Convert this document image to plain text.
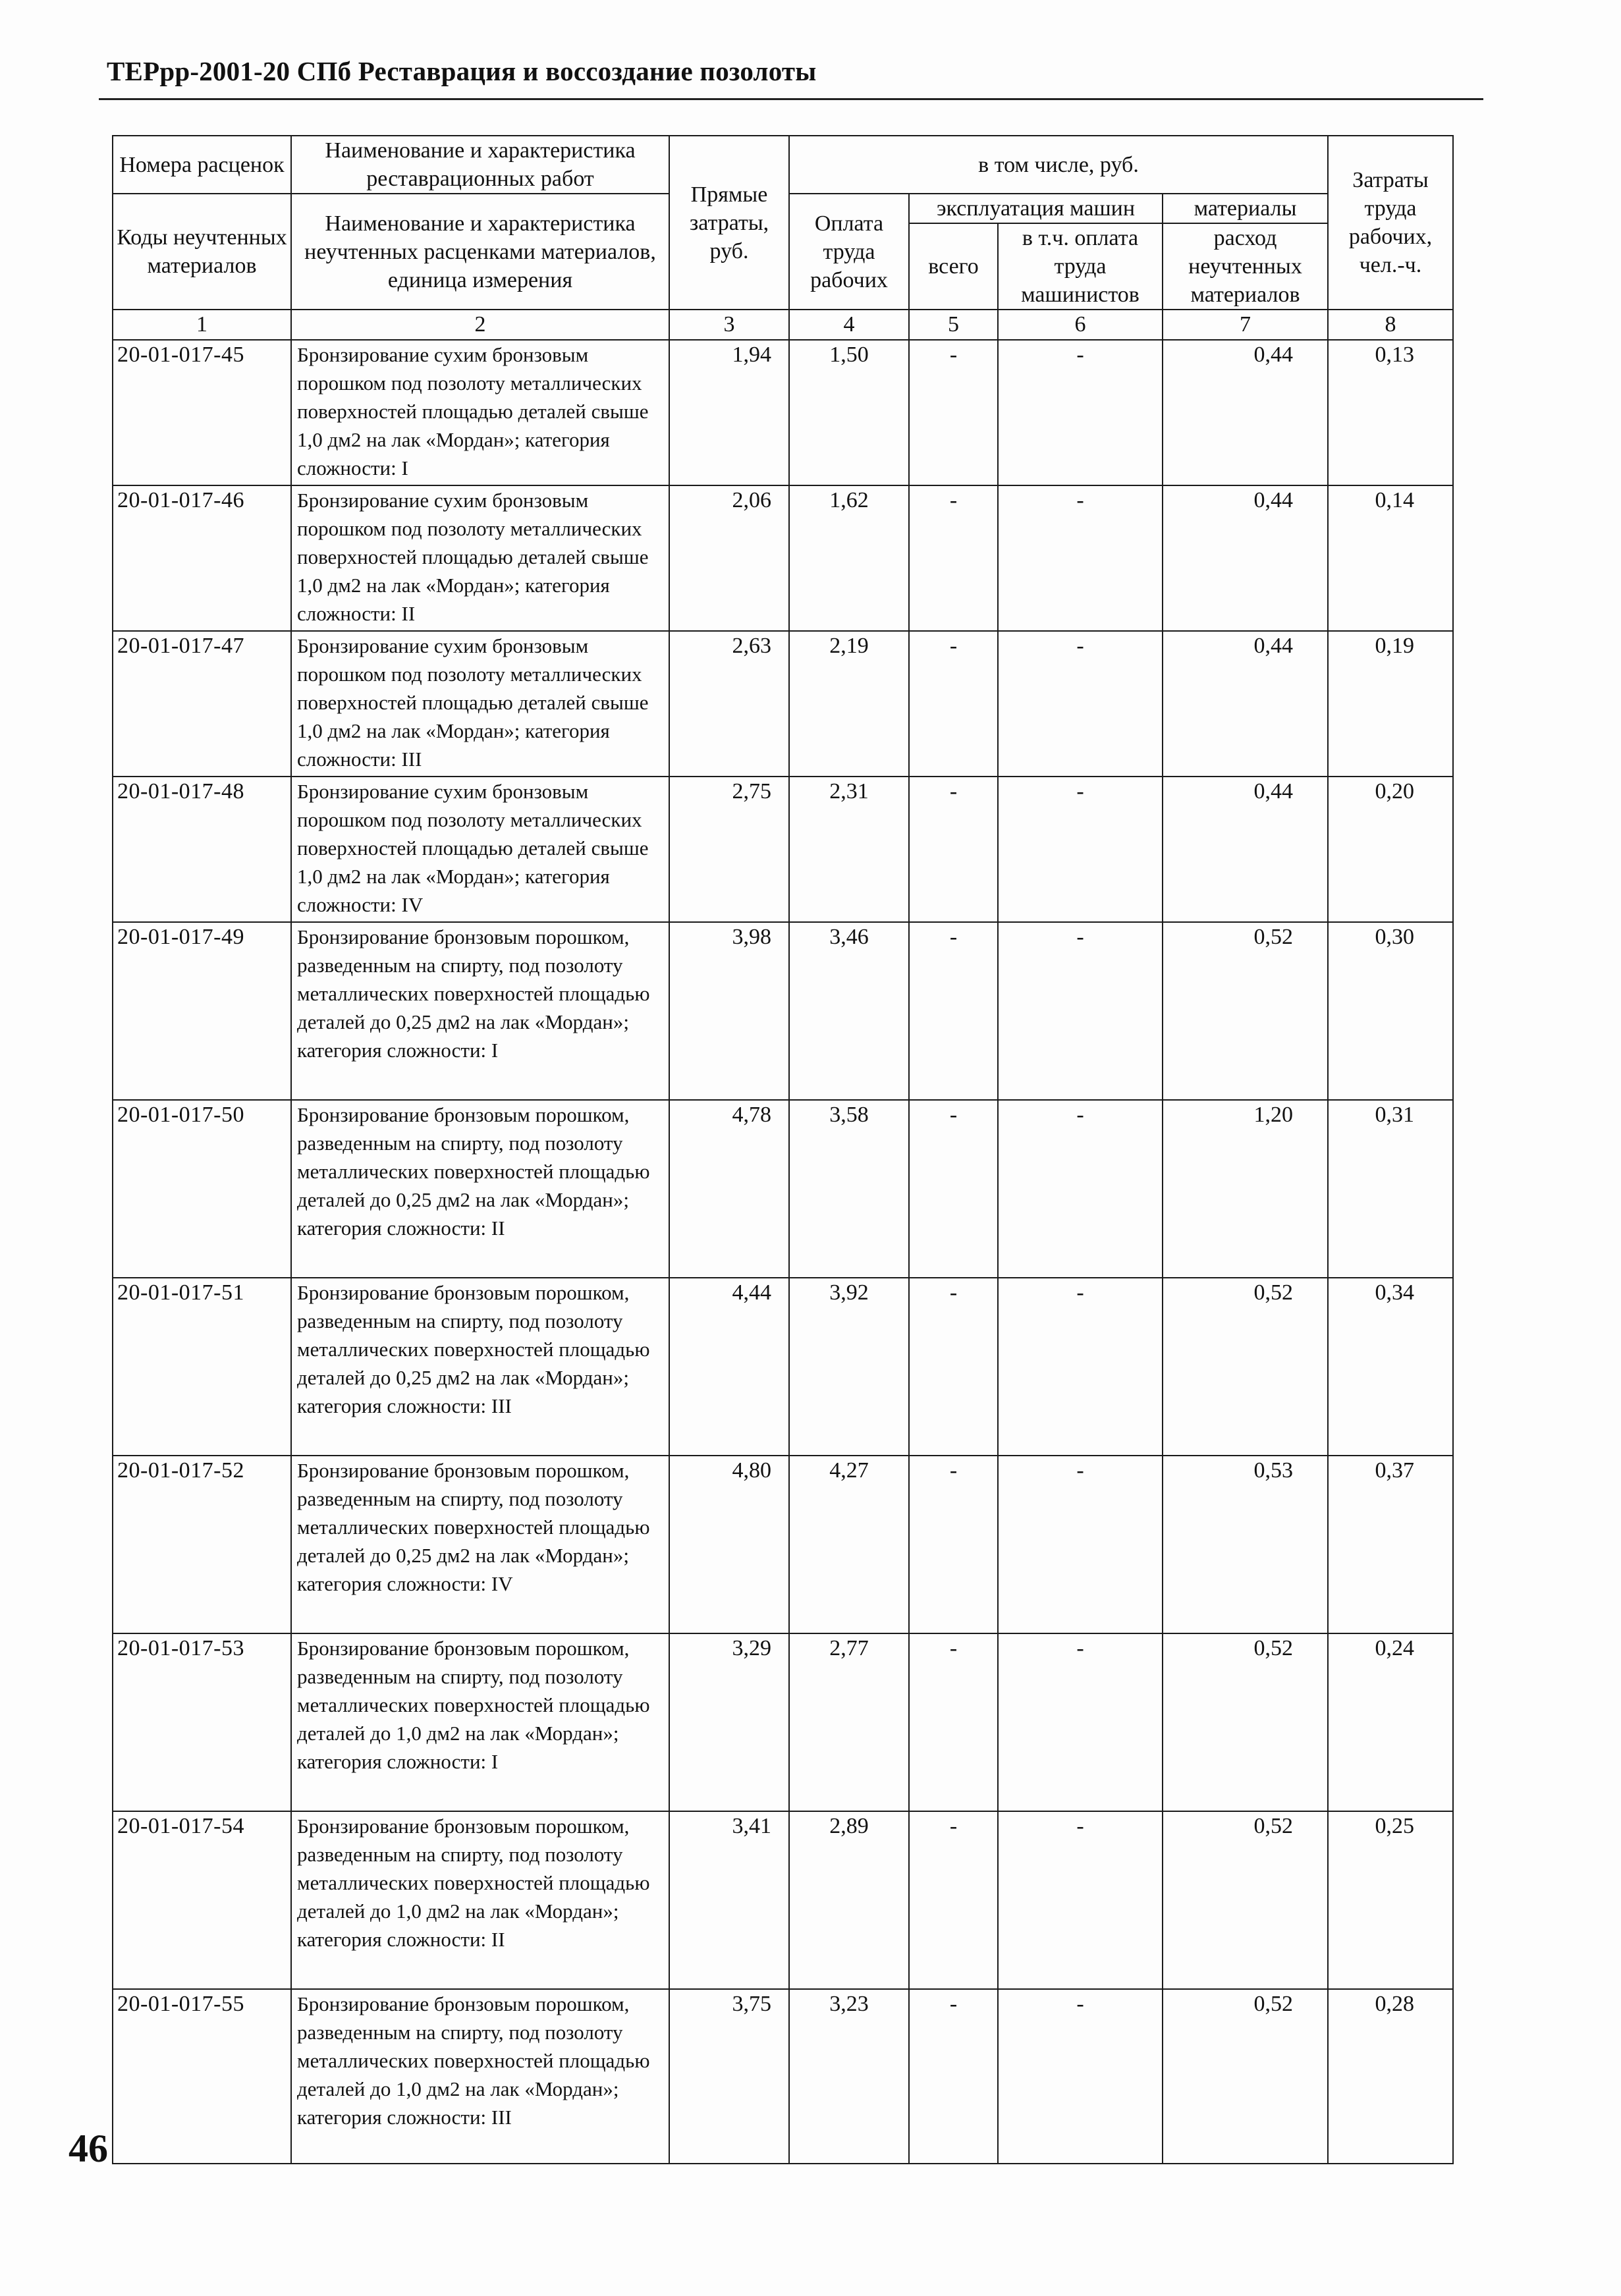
ТЕРрр-2001-20 СПб Реставрация и воссоздание позолоты
Номера расценок	Наименование и характеристика реставрационных работ	Прямые затраты, руб.	в том числе, руб.				Затраты труда рабочих, чел.-ч.
Коды неучтенных материалов	Наименование и характеристика неучтенных расценками материалов, единица измерения		Оплата труда рабочих	эксплуатация машин		материалы	
				всего	в т.ч. оплата труда машинистов	расход неучтенных материалов	

1	2	3	4	5	6	7	8
20-01-017-45	Бронзирование сухим бронзовым порошком под позолоту металлических поверхностей площадью деталей свыше 1,0 дм2 на лак «Мордан»; категория сложности: I	1,94	1,50	-	-	0,44	0,13
20-01-017-46	Бронзирование сухим бронзовым порошком под позолоту металлических поверхностей площадью деталей свыше 1,0 дм2 на лак «Мордан»; категория сложности: II	2,06	1,62	-	-	0,44	0,14
20-01-017-47	Бронзирование сухим бронзовым порошком под позолоту металлических поверхностей площадью деталей свыше 1,0 дм2 на лак «Мордан»; категория сложности: III	2,63	2,19	-	-	0,44	0,19
20-01-017-48	Бронзирование сухим бронзовым порошком под позолоту металлических поверхностей площадью деталей свыше 1,0 дм2 на лак «Мордан»; категория сложности: IV	2,75	2,31	-	-	0,44	0,20
20-01-017-49	Бронзирование бронзовым порошком, разведенным на спирту, под позолоту металлических поверхностей площадью деталей до 0,25 дм2 на лак «Мордан»; категория сложности: I	3,98	3,46	-	-	0,52	0,30
20-01-017-50	Бронзирование бронзовым порошком, разведенным на спирту, под позолоту металлических поверхностей площадью деталей до 0,25 дм2 на лак «Мордан»; категория сложности: II	4,78	3,58	-	-	1,20	0,31
20-01-017-51	Бронзирование бронзовым порошком, разведенным на спирту, под позолоту металлических поверхностей площадью деталей до 0,25 дм2 на лак «Мордан»; категория сложности: III	4,44	3,92	-	-	0,52	0,34
20-01-017-52	Бронзирование бронзовым порошком, разведенным на спирту, под позолоту металлических поверхностей площадью деталей до 0,25 дм2 на лак «Мордан»; категория сложности: IV	4,80	4,27	-	-	0,53	0,37
20-01-017-53	Бронзирование бронзовым порошком, разведенным на спирту, под позолоту металлических поверхностей площадью деталей до 1,0 дм2 на лак «Мордан»; категория сложности: I	3,29	2,77	-	-	0,52	0,24
20-01-017-54	Бронзирование бронзовым порошком, разведенным на спирту, под позолоту металлических поверхностей площадью деталей до 1,0 дм2 на лак «Мордан»; категория сложности: II	3,41	2,89	-	-	0,52	0,25
20-01-017-55	Бронзирование бронзовым порошком, разведенным на спирту, под позолоту металлических поверхностей площадью деталей до 1,0 дм2 на лак «Мордан»; категория сложности: III	3,75	3,23	-	-	0,52	0,28
46
